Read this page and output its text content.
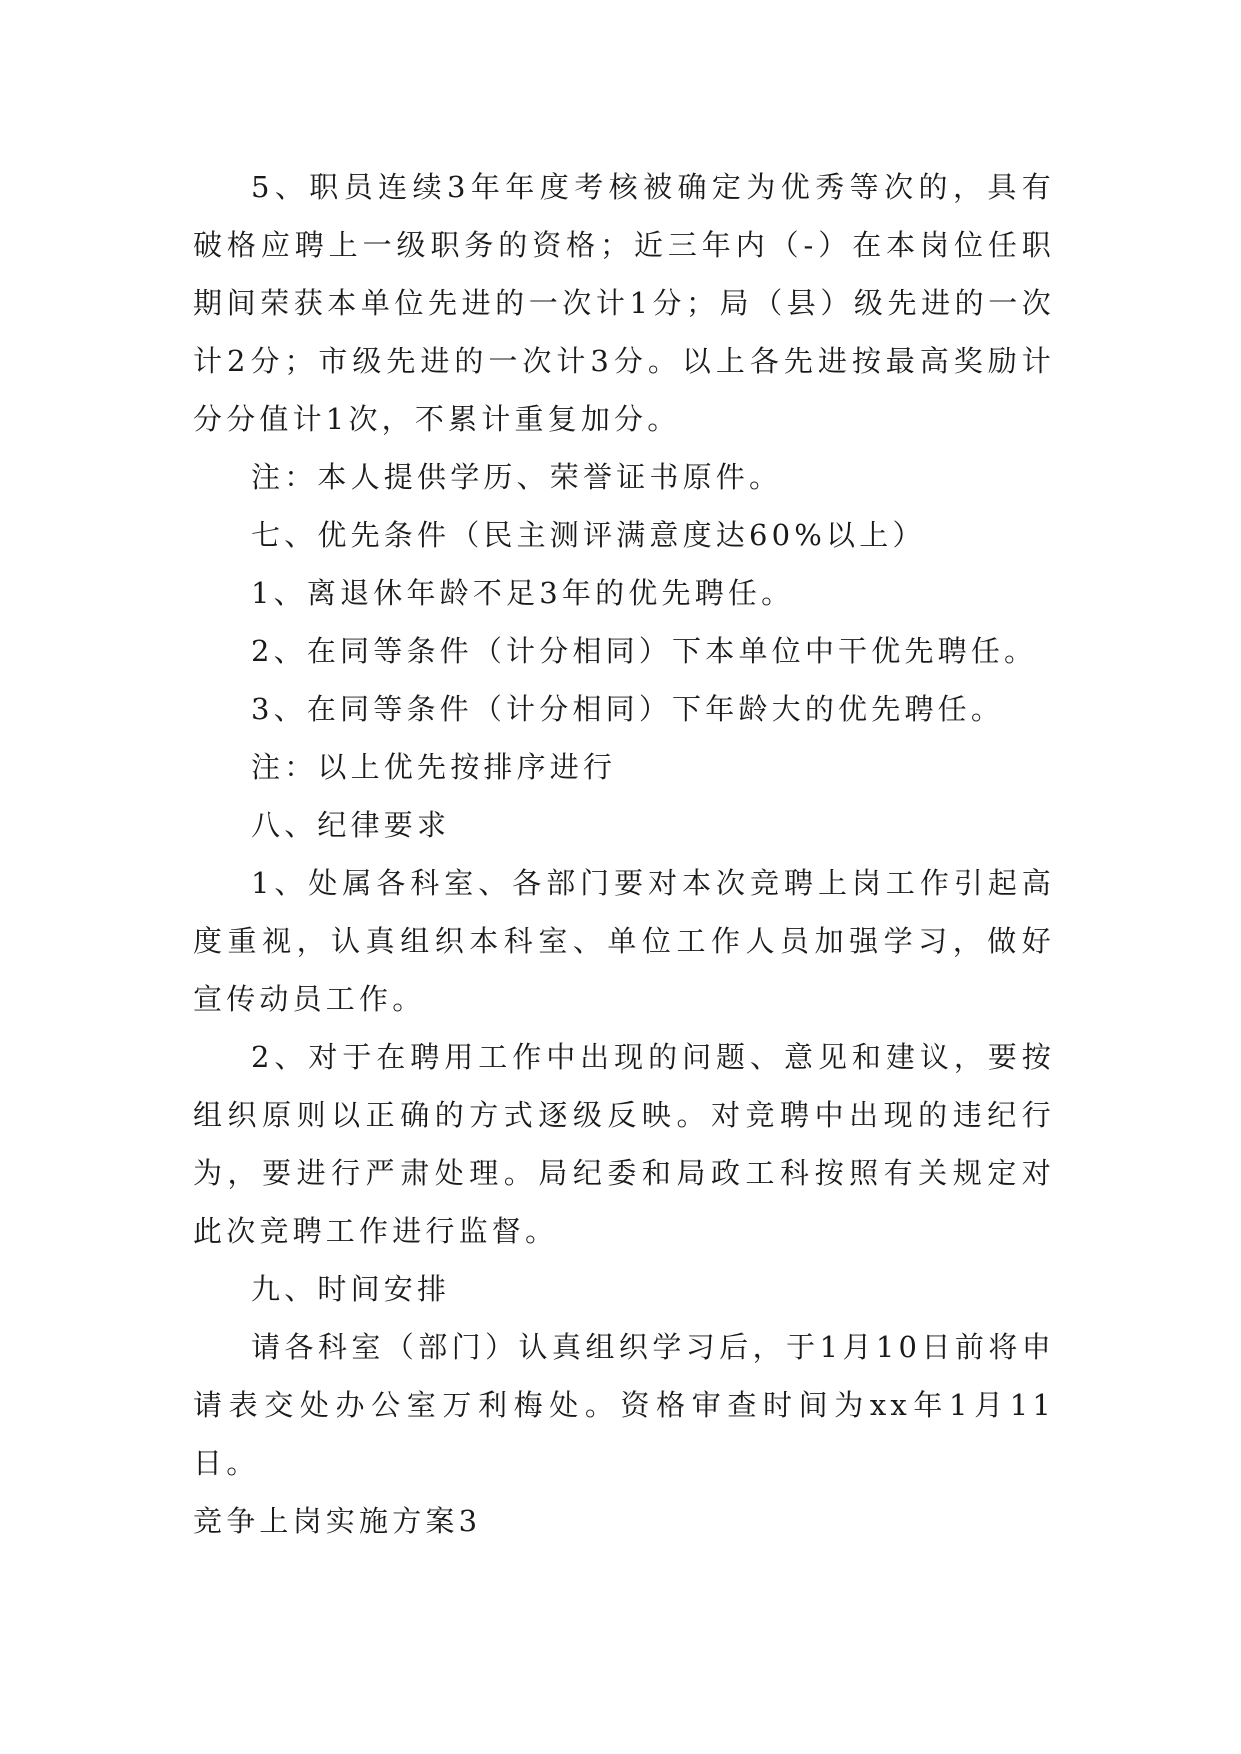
5、职员连续3年年度考核被确定为优秀等次的，具有破格应聘上一级职务的资格；近三年内（-）在本岗位任职期间荣获本单位先进的一次计1分；局（县）级先进的一次计2分；市级先进的一次计3分。以上各先进按最高奖励计分分值计1次，不累计重复加分。

注：本人提供学历、荣誉证书原件。

七、优先条件（民主测评满意度达60%以上）

1、离退休年龄不足3年的优先聘任。

2、在同等条件（计分相同）下本单位中干优先聘任。

3、在同等条件（计分相同）下年龄大的优先聘任。

注：以上优先按排序进行

八、纪律要求

1、处属各科室、各部门要对本次竞聘上岗工作引起高度重视，认真组织本科室、单位工作人员加强学习，做好宣传动员工作。

2、对于在聘用工作中出现的问题、意见和建议，要按组织原则以正确的方式逐级反映。对竞聘中出现的违纪行为，要进行严肃处理。局纪委和局政工科按照有关规定对此次竞聘工作进行监督。

九、时间安排

请各科室（部门）认真组织学习后，于1月10日前将申请表交处办公室万利梅处。资格审查时间为xx年1月11日。

竞争上岗实施方案3
